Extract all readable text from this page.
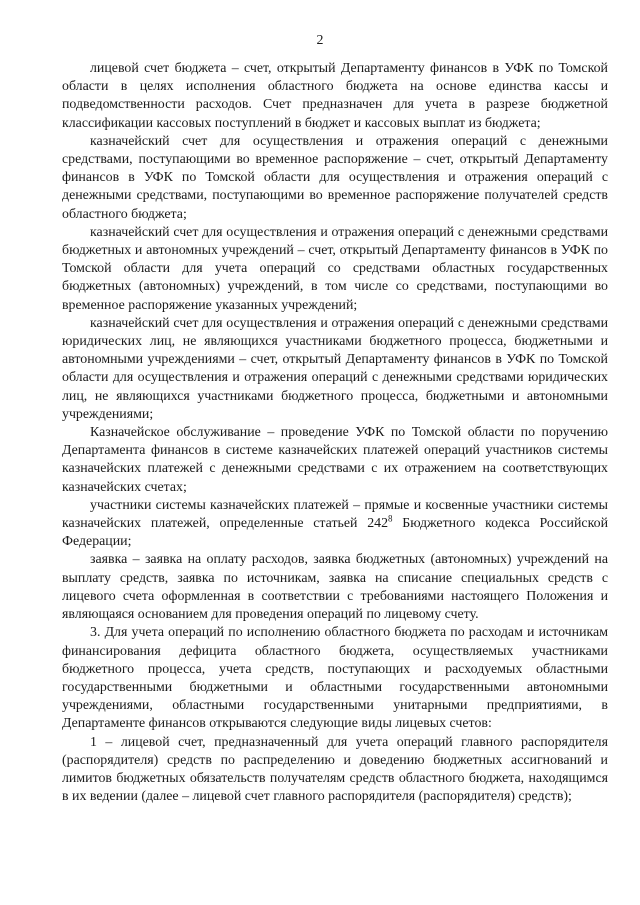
2

лицевой счет бюджета – счет, открытый Департаменту финансов в УФК по Томской области в целях исполнения областного бюджета на основе единства кассы и подведомственности расходов. Счет предназначен для учета в разрезе бюджетной классификации кассовых поступлений в бюджет и кассовых выплат из бюджета;

казначейский счет для осуществления и отражения операций с денежными средствами, поступающими во временное распоряжение – счет, открытый Департаменту финансов в УФК по Томской области для осуществления и отражения операций с денежными средствами, поступающими во временное распоряжение получателей средств областного бюджета;

казначейский счет для осуществления и отражения операций с денежными средствами бюджетных и автономных учреждений – счет, открытый Департаменту финансов в УФК по Томской области для учета операций со средствами областных государственных бюджетных (автономных) учреждений, в том числе со средствами, поступающими во временное распоряжение указанных учреждений;

казначейский счет для осуществления и отражения операций с денежными средствами юридических лиц, не являющихся участниками бюджетного процесса, бюджетными и автономными учреждениями – счет, открытый Департаменту финансов в УФК по Томской области для осуществления и отражения операций с денежными средствами юридических лиц, не являющихся участниками бюджетного процесса, бюджетными и автономными учреждениями;

Казначейское обслуживание – проведение УФК по Томской области по поручению Департамента финансов в системе казначейских платежей операций участников системы казначейских платежей с денежными средствами с их отражением на соответствующих казначейских счетах;

участники системы казначейских платежей – прямые и косвенные участники системы казначейских платежей, определенные статьей $242^8$ Бюджетного кодекса Российской Федерации;

заявка – заявка на оплату расходов, заявка бюджетных (автономных) учреждений на выплату средств, заявка по источникам, заявка на списание специальных средств с лицевого счета оформленная в соответствии с требованиями настоящего Положения и являющаяся основанием для проведения операций по лицевому счету.

3. Для учета операций по исполнению областного бюджета по расходам и источникам финансирования дефицита областного бюджета, осуществляемых участниками бюджетного процесса, учета средств, поступающих и расходуемых областными государственными бюджетными и областными государственными автономными учреждениями, областными государственными унитарными предприятиями, в Департаменте финансов открываются следующие виды лицевых счетов:

1 – лицевой счет, предназначенный для учета операций главного распорядителя (распорядителя) средств по распределению и доведению бюджетных ассигнований и лимитов бюджетных обязательств получателям средств областного бюджета, находящимся в их ведении (далее – лицевой счет главного распорядителя (распорядителя) средств);
